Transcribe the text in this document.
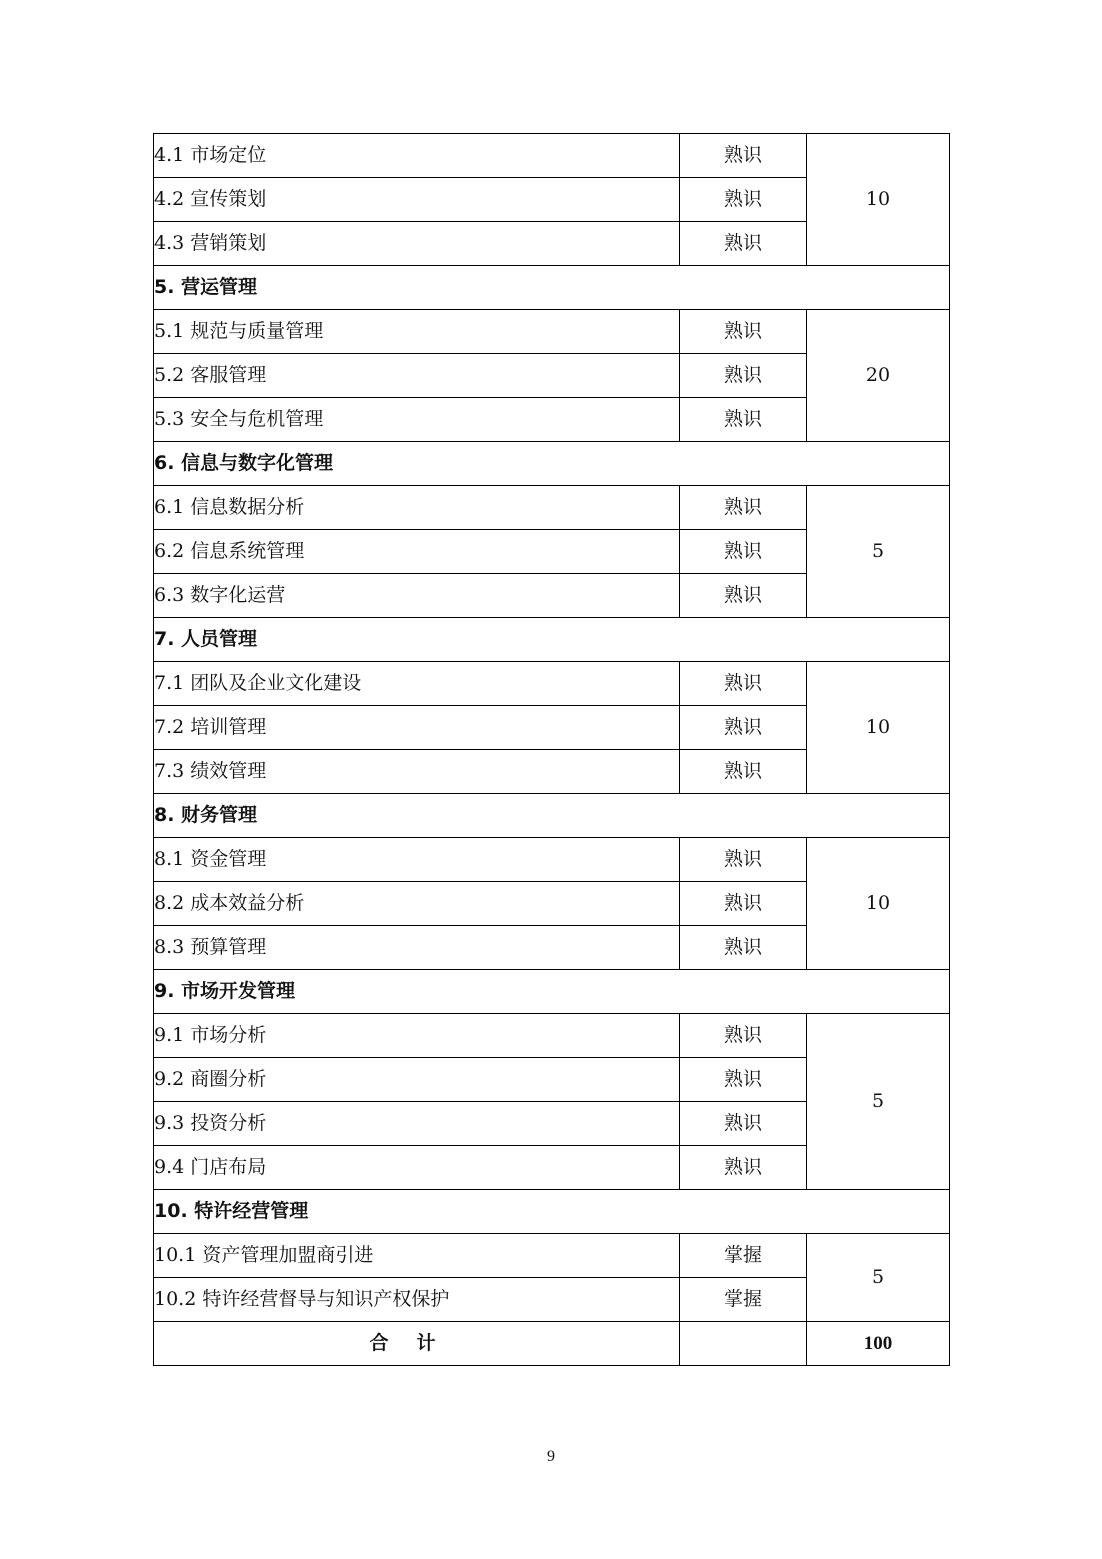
4.1 市场定位	熟识	10
4.2 宣传策划	熟识	
4.3 营销策划	熟识	
5. 营运管理		
5.1 规范与质量管理	熟识	20
5.2 客服管理	熟识	
5.3 安全与危机管理	熟识	
6. 信息与数字化管理		
6.1 信息数据分析	熟识	5
6.2 信息系统管理	熟识	
6.3 数字化运营	熟识	
7. 人员管理		
7.1 团队及企业文化建设	熟识	10
7.2 培训管理	熟识	
7.3 绩效管理	熟识	
8. 财务管理		
8.1 资金管理	熟识	10
8.2 成本效益分析	熟识	
8.3 预算管理	熟识	
9. 市场开发管理		
9.1 市场分析	熟识	5
9.2 商圈分析	熟识	
9.3 投资分析	熟识	
9.4 门店布局	熟识	
10. 特许经营管理		
10.1 资产管理加盟商引进	掌握	5
10.2 特许经营督导与知识产权保护	掌握	
合计		100
9
